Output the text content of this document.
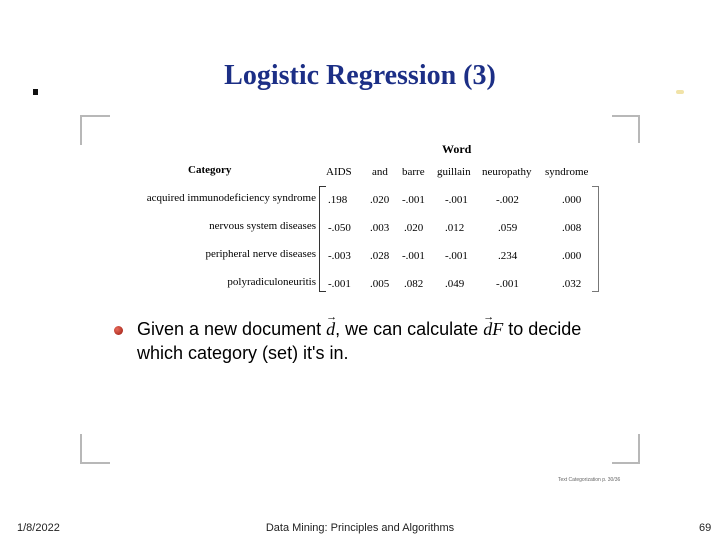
Logistic Regression (3)
Word
Category	AIDS and barre guillain neuropathy syndrome
acquired immunodeficiency syndrome .198 .020 -.001 -.001	-.002	.000
nervous system diseases -.050 .003 .020 .012	.059	.008
peripheral nerve diseases -.003 .028 -.001 -.001	.234	.000
polyradiculoneuritis -.001 .005 .082 .049	-.001	.032
Given a new document → d, we can calculate → dF to decide
which category (set) it's in.
Text Categorization p. 30/36
1/8/2022	Data Mining: Principles and Algorithms	69
